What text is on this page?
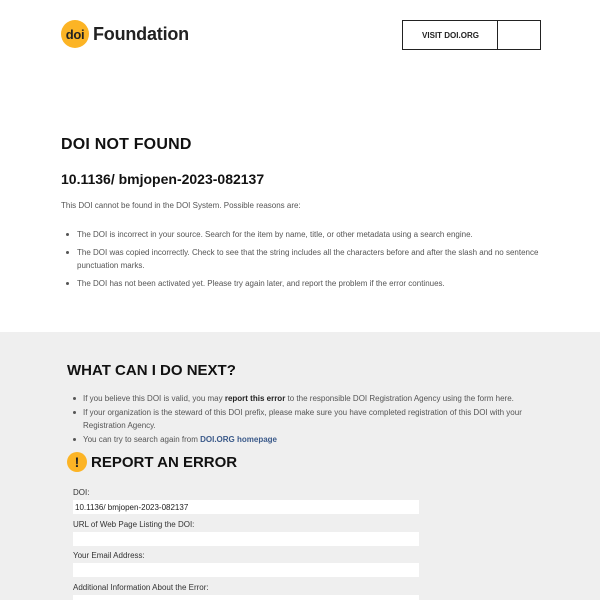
doi Foundation	VISIT DOI.ORG
DOI NOT FOUND
10.1136/ bmjopen-2023-082137

This DOI cannot be found in the DOI System. Possible reasons are:

The DOI is incorrect in your source. Search for the item by name, title, or other metadata using a search engine.
The DOI was copied incorrectly. Check to see that the string includes all the characters before and after the slash and no sentence punctuation marks.
The DOI has not been activated yet. Please try again later, and report the problem if the error continues.
WHAT CAN I DO NEXT?
If you believe this DOI is valid, you may report this error to the responsible DOI Registration Agency using the form here.
If your organization is the steward of this DOI prefix, please make sure you have completed registration of this DOI with your Registration Agency.
You can try to search again from DOI.ORG homepage
! REPORT AN ERROR
DOI:
10.1136/ bmjopen-2023-082137
URL of Web Page Listing the DOI:
Your Email Address:
Additional Information About the Error:
